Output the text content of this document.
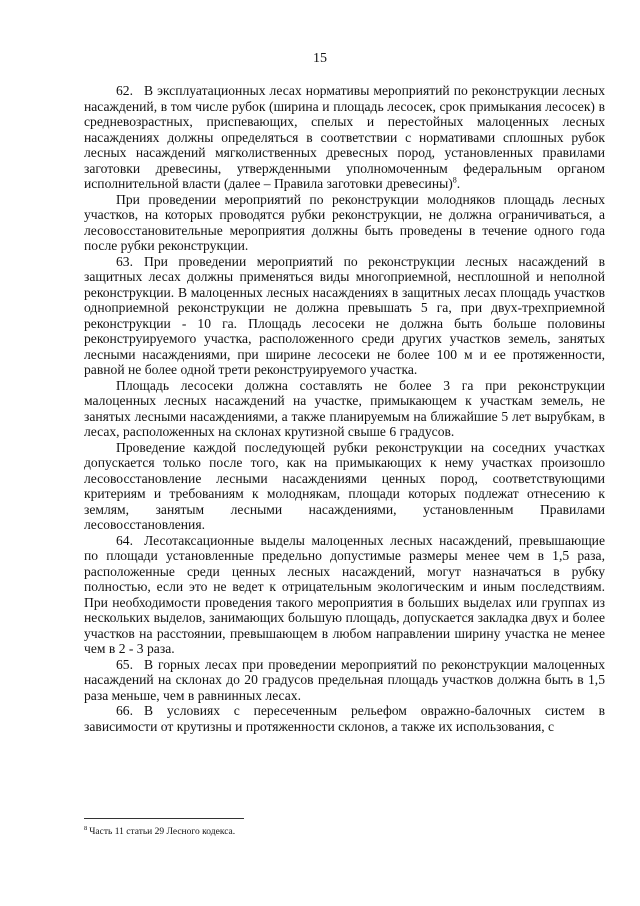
15

62. В эксплуатационных лесах нормативы мероприятий по реконструкции лесных насаждений, в том числе рубок (ширина и площадь лесосек, срок примыкания лесосек) в средневозрастных, приспевающих, спелых и перестойных малоценных лесных насаждениях должны определяться в соответствии с нормативами сплошных рубок лесных насаждений мягколиственных древесных пород, установленных правилами заготовки древесины, утвержденными уполномоченным федеральным органом исполнительной власти (далее – Правила заготовки древесины)$^8$.

При проведении мероприятий по реконструкции молодняков площадь лесных участков, на которых проводятся рубки реконструкции, не должна ограничиваться, а лесовосстановительные мероприятия должны быть проведены в течение одного года после рубки реконструкции.

63. При проведении мероприятий по реконструкции лесных насаждений в защитных лесах должны применяться виды многоприемной, несплошной и неполной реконструкции. В малоценных лесных насаждениях в защитных лесах площадь участков одноприемной реконструкции не должна превышать 5 га, при двух-трехприемной реконструкции - 10 га. Площадь лесосеки не должна быть больше половины реконструируемого участка, расположенного среди других участков земель, занятых лесными насаждениями, при ширине лесосеки не более 100 м и ее протяженности, равной не более одной трети реконструируемого участка.

Площадь лесосеки должна составлять не более 3 га при реконструкции малоценных лесных насаждений на участке, примыкающем к участкам земель, не занятых лесными насаждениями, а также планируемым на ближайшие 5 лет вырубкам, в лесах, расположенных на склонах крутизной свыше 6 градусов.

Проведение каждой последующей рубки реконструкции на соседних участках допускается только после того, как на примыкающих к нему участках произошло лесовосстановление лесными насаждениями ценных пород, соответствующими критериям и требованиям к молоднякам, площади которых подлежат отнесению к землям, занятым лесными насаждениями, установленным Правилами лесовосстановления.

64. Лесотаксационные выделы малоценных лесных насаждений, превышающие по площади установленные предельно допустимые размеры менее чем в 1,5 раза, расположенные среди ценных лесных насаждений, могут назначаться в рубку полностью, если это не ведет к отрицательным экологическим и иным последствиям. При необходимости проведения такого мероприятия в больших выделах или группах из нескольких выделов, занимающих большую площадь, допускается закладка двух и более участков на расстоянии, превышающем в любом направлении ширину участка не менее чем в 2 - 3 раза.

65. В горных лесах при проведении мероприятий по реконструкции малоценных насаждений на склонах до 20 градусов предельная площадь участков должна быть в 1,5 раза меньше, чем в равнинных лесах.

66. В условиях с пересеченным рельефом овражно-балочных систем в зависимости от крутизны и протяженности склонов, а также их использования, с

$^8$ Часть 11 статьи 29 Лесного кодекса.
